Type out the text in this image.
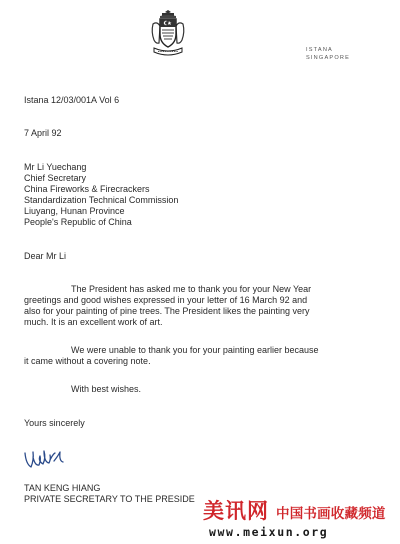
ISTANA
SINGAPORE
Istana 12/03/001A Vol 6
7 April 92
Mr Li Yuechang
Chief Secretary
China Fireworks & Firecrackers
Standardization Technical Commission
Liuyang, Hunan Province
People's Republic of China
Dear Mr Li
The President has asked me to thank you for your New Year
greetings and good wishes expressed in your letter of 16 March 92 and
also for your painting of pine trees. The President likes the painting very
much. It is an excellent work of art.
We were unable to thank you for your painting earlier because
it came without a covering note.
With best wishes.
Yours sincerely
TAN KENG HIANG
PRIVATE SECRETARY TO THE PRESIDE 美讯网 中国书画收藏频道
www.meixun.org
